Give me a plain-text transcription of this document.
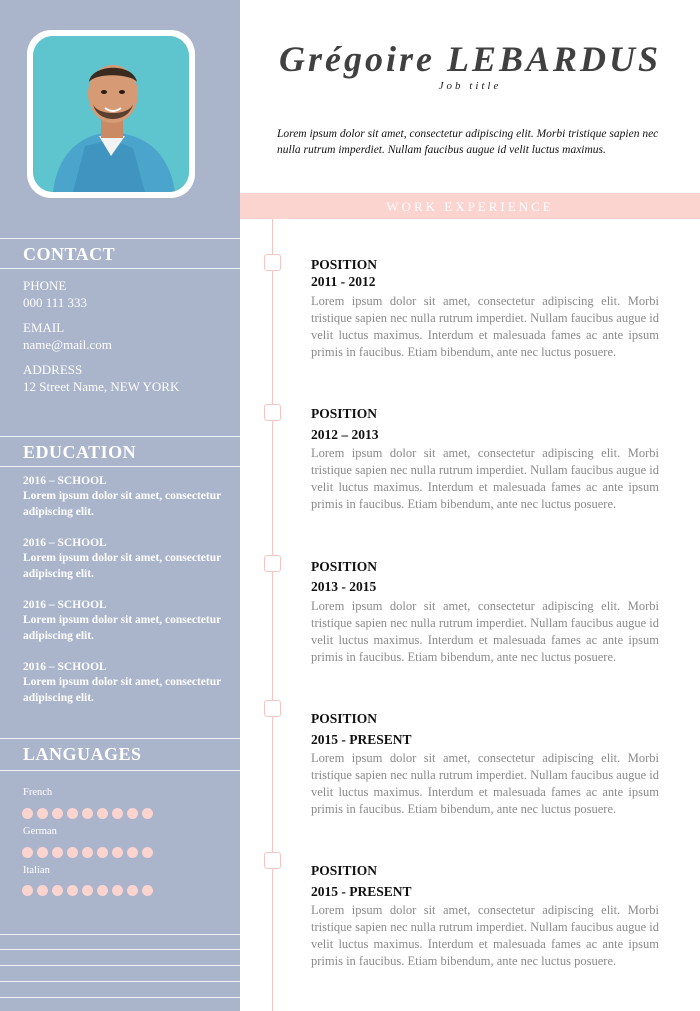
CONTACT
PHONE
000 111 333
EMAIL
name@mail.com
ADDRESS
12 Street Name, NEW YORK
EDUCATION
2016 – SCHOOL
Lorem ipsum dolor sit amet, consectetur adipiscing elit.
2016 – SCHOOL
Lorem ipsum dolor sit amet, consectetur adipiscing elit.
2016 – SCHOOL
Lorem ipsum dolor sit amet, consectetur adipiscing elit.
2016 – SCHOOL
Lorem ipsum dolor sit amet, consectetur adipiscing elit.
LANGUAGES
French
German
Italian
Grégoire LEBARDUS
Job title
Lorem ipsum dolor sit amet, consectetur adipiscing elit. Morbi tristique sapien nec nulla rutrum imperdiet. Nullam faucibus augue id velit luctus maximus.
WORK EXPERIENCE
POSITION
2011 - 2012
Lorem ipsum dolor sit amet, consectetur adipiscing elit. Morbi tristique sapien nec nulla rutrum imperdiet. Nullam faucibus augue id velit luctus maximus. Interdum et malesuada fames ac ante ipsum primis in faucibus. Etiam bibendum, ante nec luctus posuere.
POSITION
2012 – 2013
Lorem ipsum dolor sit amet, consectetur adipiscing elit. Morbi tristique sapien nec nulla rutrum imperdiet. Nullam faucibus augue id velit luctus maximus. Interdum et malesuada fames ac ante ipsum primis in faucibus. Etiam bibendum, ante nec luctus posuere.
POSITION
2013 - 2015
Lorem ipsum dolor sit amet, consectetur adipiscing elit. Morbi tristique sapien nec nulla rutrum imperdiet. Nullam faucibus augue id velit luctus maximus. Interdum et malesuada fames ac ante ipsum primis in faucibus. Etiam bibendum, ante nec luctus posuere.
POSITION
2015 - PRESENT
Lorem ipsum dolor sit amet, consectetur adipiscing elit. Morbi tristique sapien nec nulla rutrum imperdiet. Nullam faucibus augue id velit luctus maximus. Interdum et malesuada fames ac ante ipsum primis in faucibus. Etiam bibendum, ante nec luctus posuere.
POSITION
2015 - PRESENT
Lorem ipsum dolor sit amet, consectetur adipiscing elit. Morbi tristique sapien nec nulla rutrum imperdiet. Nullam faucibus augue id velit luctus maximus. Interdum et malesuada fames ac ante ipsum primis in faucibus. Etiam bibendum, ante nec luctus posuere.
